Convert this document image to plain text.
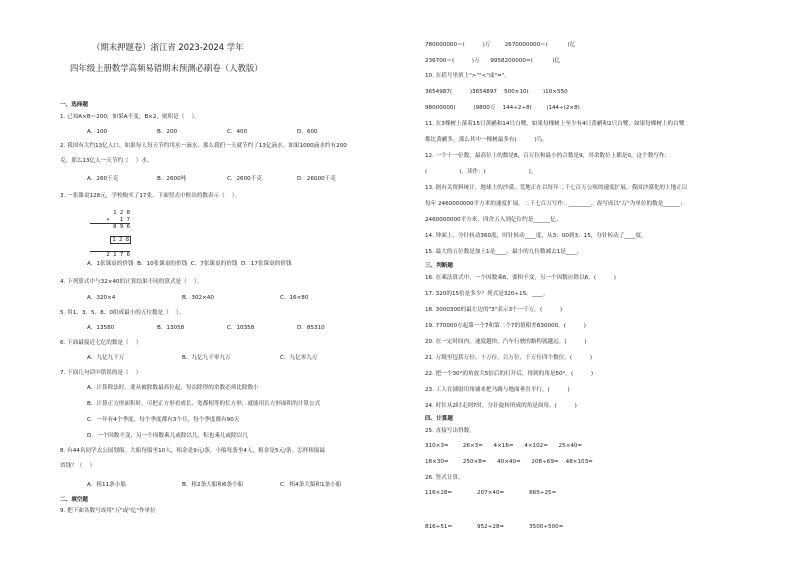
（期末押题卷）浙江省 2023-2024 学年
四年级上册数学高频易错期末预测必刷卷（人教版）
一、选择题
1. 已知A×B＝200，如果A不变，B×2，则积是（    ）。
A．100	B．200	C．400	D．600
2. 我国有大约13亿人口，如果每人每天节约用水一滴水，那么我们一天就节约了13亿滴水。如果1000滴水约有200
克，那么13亿人一天节约（    ）水。
A．260千克	B．2600吨	C．2600千克	D．26000千克
3. 一张课桌128元，学校购买了17张。下面竖式中框出的数表示（    ）。
1 2 8
×   1 7
8 9 6

1 2 8

2 1 7 6
A．1张课桌的价钱  B．10张课桌的价钱  C．7张课桌的价钱  D．17张课桌的价钱
4. 下列算式中与32×40的计算结果不同的算式是（    ）。
A．320×4	B．302×40	C．16×80
5. 用1、3、5、8、0组成最小的五位数是（    ）。
A．13580	B．13058	C．10358	D．85310
6. 下面最接近七亿的数是（    ）
A．九亿九千万	B．九亿九千零九万	C．九亿零九万
7. 下面几句话中错误的是（    ）
A．计算除法时，要从被除数最高位起，每次除得的余数必须比除数小
B．计算正方形面积时，可把正方形看成长、宽都相等的长方形，就能用长方形面积的计算公式
C．一年有4个季度，每个季度都有3个月，每个季度都有90天
D．一个因数不变，另一个因数乘几或除以几，积也乘几或除以几
8. 有44名同学去公园划船。大船每船坐10人，租金是9元/条，小船每条坐4人，租金是5元/条。怎样租船最
省钱？（    ）
A．租11条小船	B．租2条大船和6条小船	C．租4条大船和1条小船
二、填空题
9. 把下面各数写成用"万"或"亿"作单位
780000000＝(          )万        2670000000＝(           )亿
236700＝(          )万      9958200000≈(           )亿
10. 在括号里填上">""<"或"="。
3654987(          )3654897    500×10(        )10×550
98000000(          )9800万    144÷2÷8(        )144÷(2×8)
11. 在3棵树上落着15只黄鹂和14只白鹭，如果每棵树上至少有4只黄鹂和2只白鹭，如果每棵树上的白鹭
都比黄鹂多，那么其中一棵树最多有(          )鸟。
12. 一个十一位数，最高位上的数是8，百万位和最小的合数是9，其余数位上都是0，这个数写作：
(                  )，读作：(                        )。
13. 据有关资料统计，地球上的沙漠、荒地正在以每年二千七百万公顷的速度扩展，我国沙漠化的土地正以
每年 2460000000平方米的速度扩展。二千七百万写作：________，改写成以"万"为单位的数是______；
2460000000平方米，四舍五入到亿位约是______亿。
14. 钟面上，分针转动360度，时针转动____度，从3：00到3：15，分针转动了____度。
15. 最大的五位数是加上1是____，最小的九位数减去1是____。
三、判断题
16. 在乘法算式中，一个因数乘6，要积不变，另一个因数应除以6。(          )
17. 320的15倍是多少？列式是320÷15。____。
18. 3000300的最左边的"3"表示3个一千万。(          )
19. 770000左起第一个7和第二个7的值相差630000。(          )
20. 在一定时间内，速度越快，汽车行驶的路程就越远。(          )
21. 万级里包括万位、十万位、百万位、千万位四个数位。(          )
22. 把一个30°的角放大5倍后的打开后，得到的角是50°。(          )
23. 工人在铺射用角铺来把马路与地面垂直平行。(          )
24. 时针从2时走到7时，分针旋转所成的角是周角。(          )
四、计算题
25. 直接写出得数。
310×3=        26×3=      4×16=      4×102=      25×40=
18×30=        250×8=      40×40=      208÷69=    48×103=
26. 竖式计算。
116×28=              207×40=              665÷25=
816÷51=              952÷28=              3500÷500=
